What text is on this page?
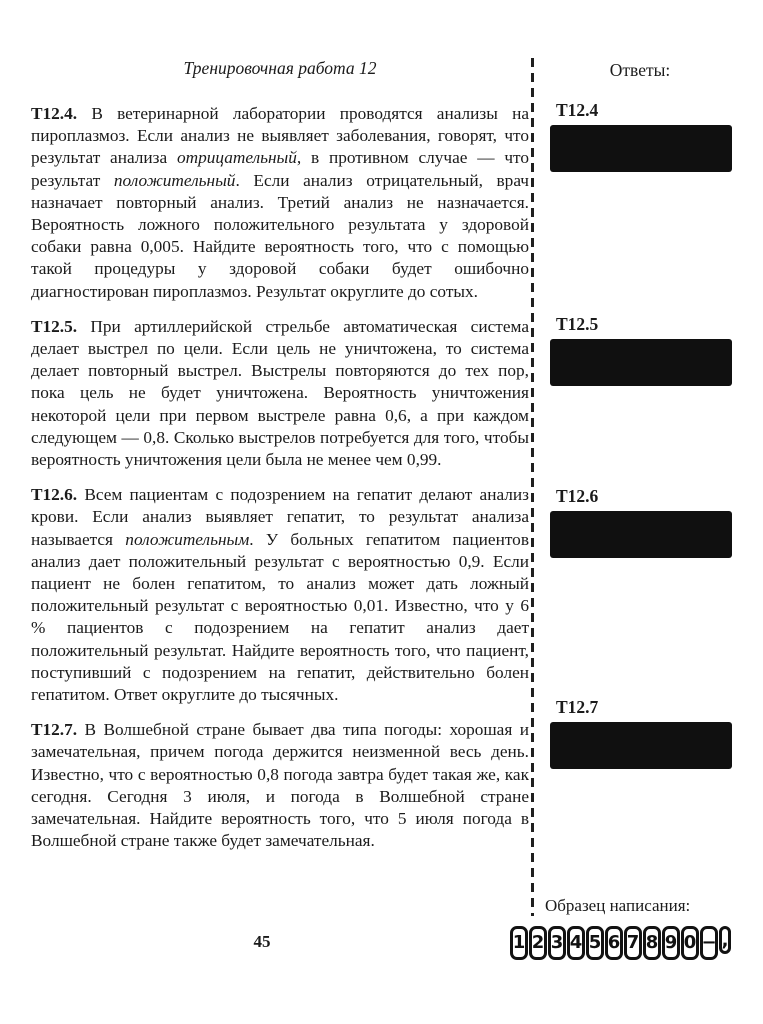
Тренировочная работа 12

Т12.4. В ветеринарной лаборатории проводятся анализы на пироплазмоз. Если анализ не выявляет заболевания, говорят, что результат анализа отрицательный, в противном случае — что результат положительный. Если анализ отрицательный, врач назначает повторный анализ. Третий анализ не назначается. Вероятность ложного положительного результата у здоровой собаки равна 0,005. Найдите вероятность того, что с помощью такой процедуры у здоровой собаки будет ошибочно диагностирован пироплазмоз. Результат округлите до сотых.

Т12.5. При артиллерийской стрельбе автоматическая система делает выстрел по цели. Если цель не уничтожена, то система делает повторный выстрел. Выстрелы повторяются до тех пор, пока цель не будет уничтожена. Вероятность уничтожения некоторой цели при первом выстреле равна 0,6, а при каждом следующем — 0,8. Сколько выстрелов потребуется для того, чтобы вероятность уничтожения цели была не менее чем 0,99.

Т12.6. Всем пациентам с подозрением на гепатит делают анализ крови. Если анализ выявляет гепатит, то результат анализа называется положительным. У больных гепатитом пациентов анализ дает положительный результат с вероятностью 0,9. Если пациент не болен гепатитом, то анализ может дать ложный положительный результат с вероятностью 0,01. Известно, что у 6 % пациентов с подозрением на гепатит анализ дает положительный результат. Найдите вероятность того, что пациент, поступивший с подозрением на гепатит, действительно болен гепатитом. Ответ округлите до тысячных.

Т12.7. В Волшебной стране бывает два типа погоды: хорошая и замечательная, причем погода держится неизменной весь день. Известно, что с вероятностью 0,8 погода завтра будет такая же, как сегодня. Сегодня 3 июля, и погода в Волшебной стране замечательная. Найдите вероятность того, что 5 июля погода в Волшебной стране также будет замечательная.

Ответы:
Т12.4
Т12.5
Т12.6
Т12.7
Образец написания:
1 2 3 4 5 6 7 8 9 0 − ,
45
